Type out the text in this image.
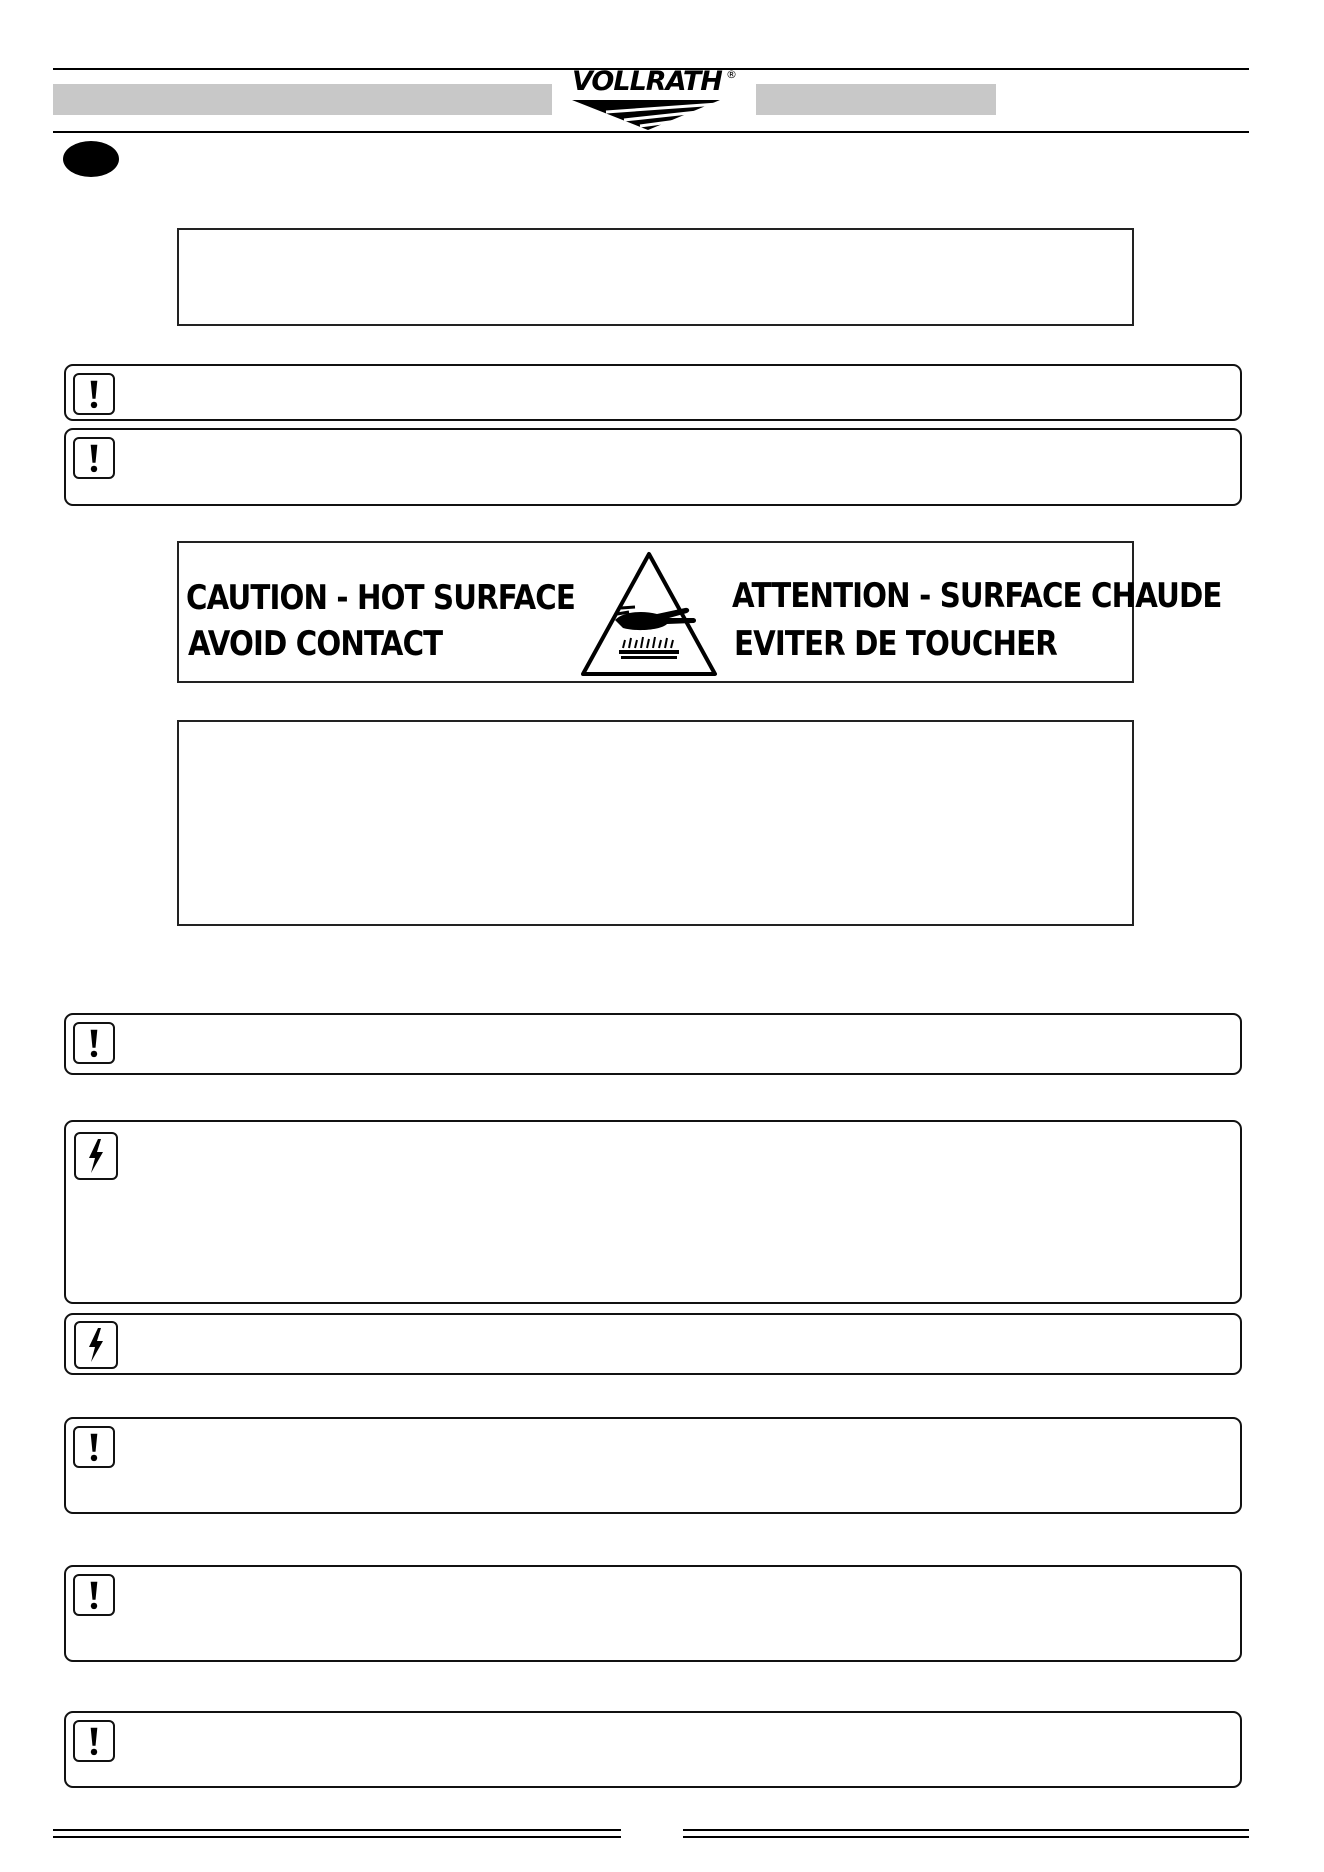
VOLLRATH ®
CAUTION - HOT SURFACE
AVOID CONTACT
ATTENTION - SURFACE CHAUDE
EVITER DE TOUCHER
